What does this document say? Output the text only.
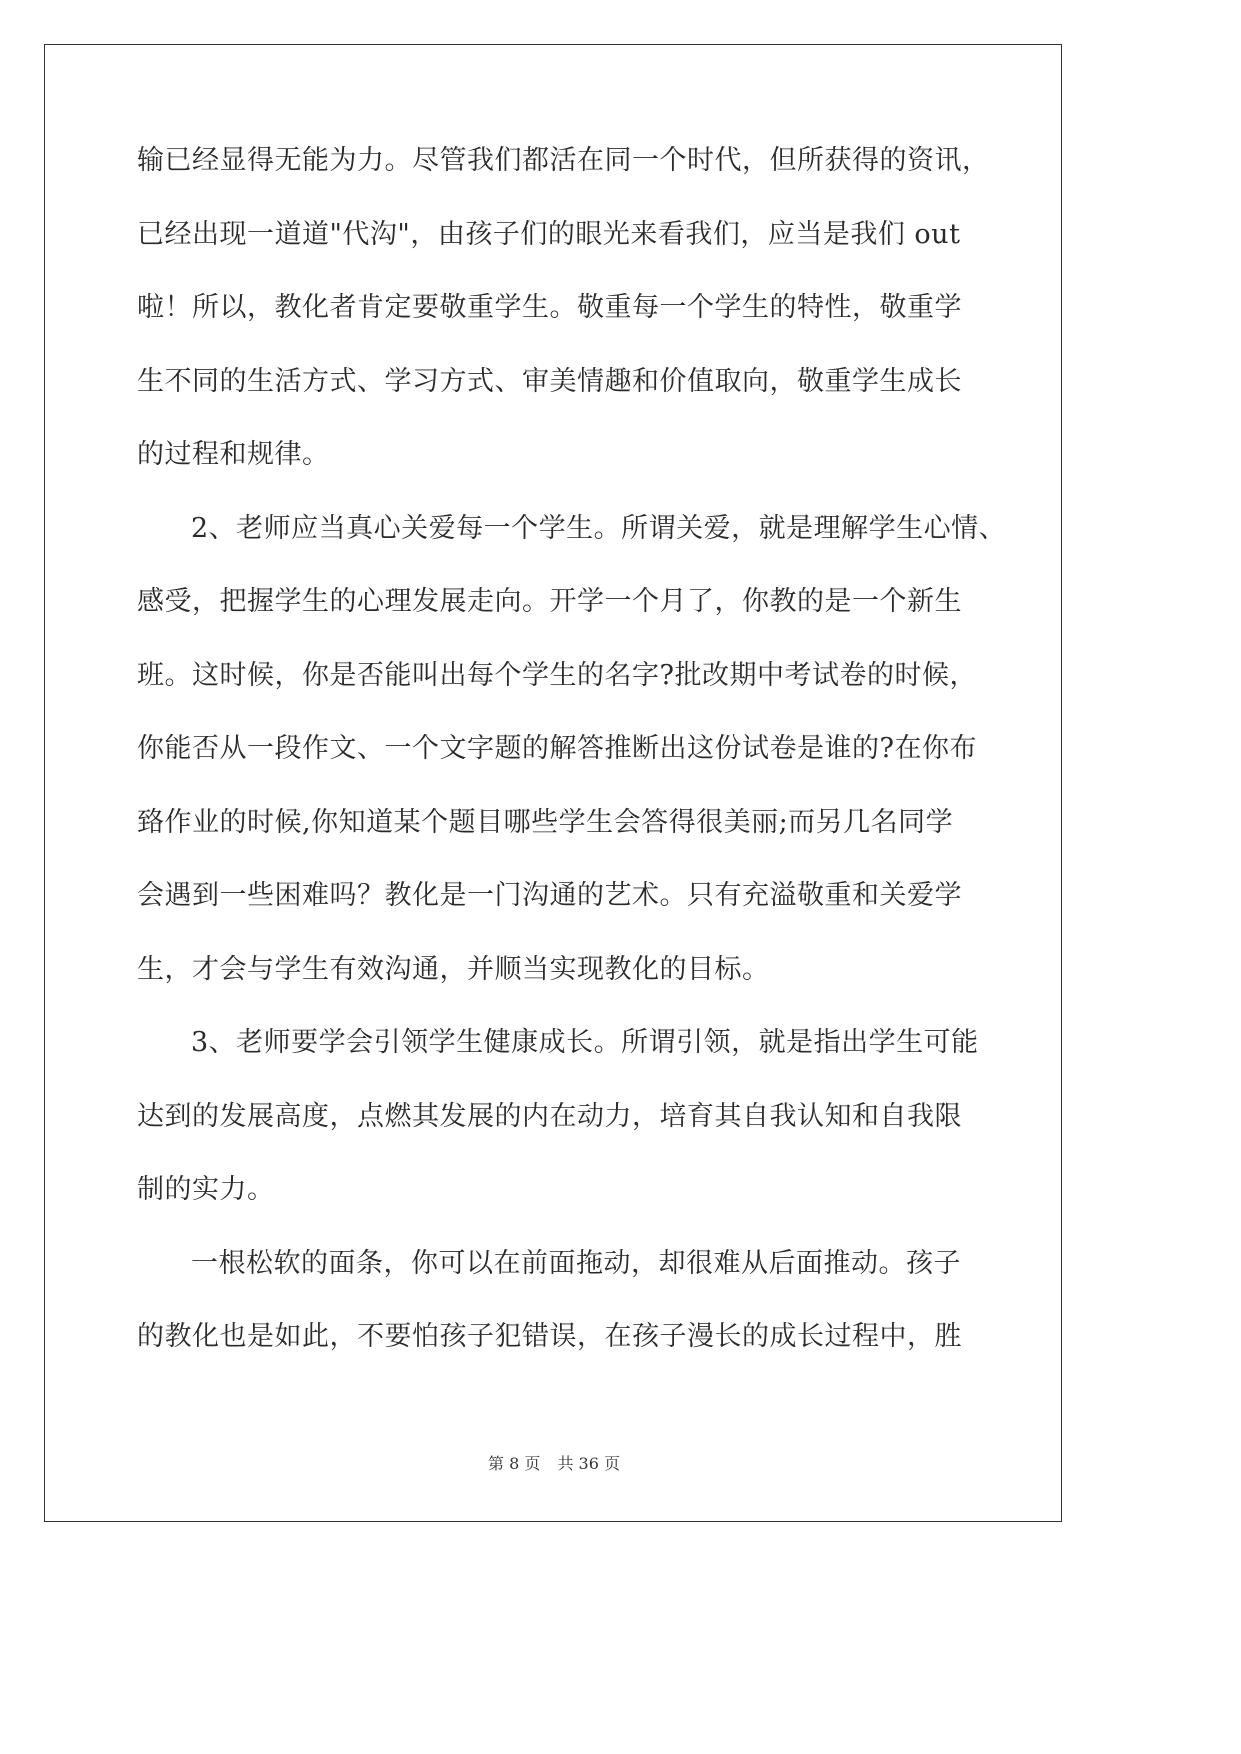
输已经显得无能为力。尽管我们都活在同一个时代，但所获得的资讯，
已经出现一道道"代沟"，由孩子们的眼光来看我们，应当是我们 out
啦！所以，教化者肯定要敬重学生。敬重每一个学生的特性，敬重学
生不同的生活方式、学习方式、审美情趣和价值取向，敬重学生成长
的过程和规律。
2、老师应当真心关爱每一个学生。所谓关爱，就是理解学生心情、
感受，把握学生的心理发展走向。开学一个月了，你教的是一个新生
班。这时候，你是否能叫出每个学生的名字?批改期中考试卷的时候，
你能否从一段作文、一个文字题的解答推断出这份试卷是谁的?在你布
臵作业的时候,你知道某个题目哪些学生会答得很美丽;而另几名同学
会遇到一些困难吗？教化是一门沟通的艺术。只有充溢敬重和关爱学
生，才会与学生有效沟通，并顺当实现教化的目标。
3、老师要学会引领学生健康成长。所谓引领，就是指出学生可能
达到的发展高度，点燃其发展的内在动力，培育其自我认知和自我限
制的实力。
一根松软的面条，你可以在前面拖动，却很难从后面推动。孩子
的教化也是如此，不要怕孩子犯错误，在孩子漫长的成长过程中，胜
第 8 页 共 36 页
